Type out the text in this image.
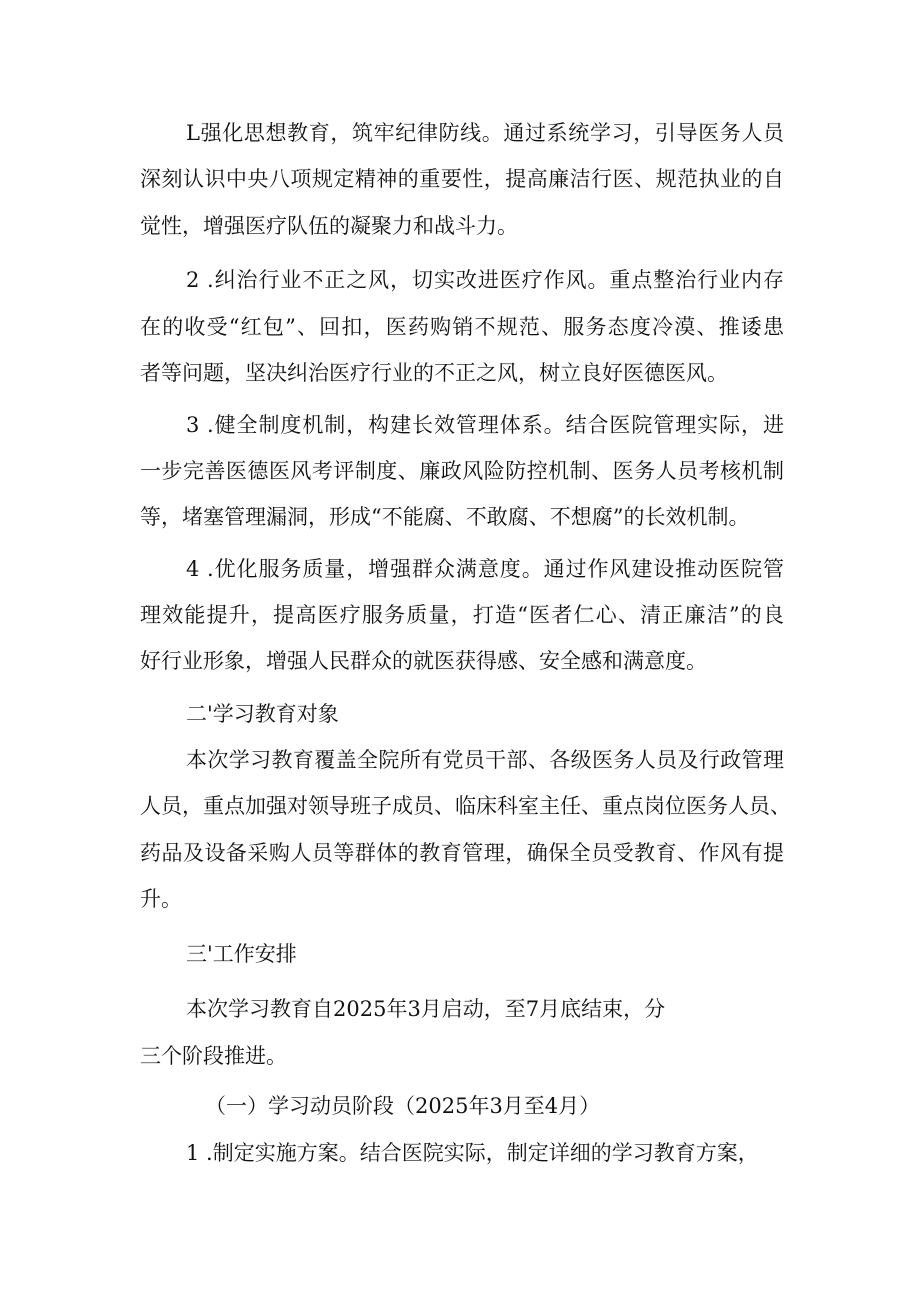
L强化思想教育，筑牢纪律防线。通过系统学习，引导医务人员
深刻认识中央八项规定精神的重要性，提高廉洁行医、规范执业的自
觉性，增强医疗队伍的凝聚力和战斗力。
2 .纠治行业不正之风，切实改进医疗作风。重点整治行业内存
在的收受“红包”、回扣，医药购销不规范、服务态度冷漠、推诿患
者等问题，坚决纠治医疗行业的不正之风，树立良好医德医风。
3 .健全制度机制，构建长效管理体系。结合医院管理实际，进
一步完善医德医风考评制度、廉政风险防控机制、医务人员考核机制
等，堵塞管理漏洞，形成“不能腐、不敢腐、不想腐”的长效机制。
4 .优化服务质量，增强群众满意度。通过作风建设推动医院管
理效能提升，提高医疗服务质量，打造“医者仁心、清正廉洁”的良
好行业形象，增强人民群众的就医获得感、安全感和满意度。
二'学习教育对象
本次学习教育覆盖全院所有党员干部、各级医务人员及行政管理
人员，重点加强对领导班子成员、临床科室主任、重点岗位医务人员、
药品及设备采购人员等群体的教育管理，确保全员受教育、作风有提
升。
三'工作安排
本次学习教育自2025年3月启动，至7月底结束，分
三个阶段推进。
（一）学习动员阶段（2025年3月至4月）
1 .制定实施方案。结合医院实际，制定详细的学习教育方案，
